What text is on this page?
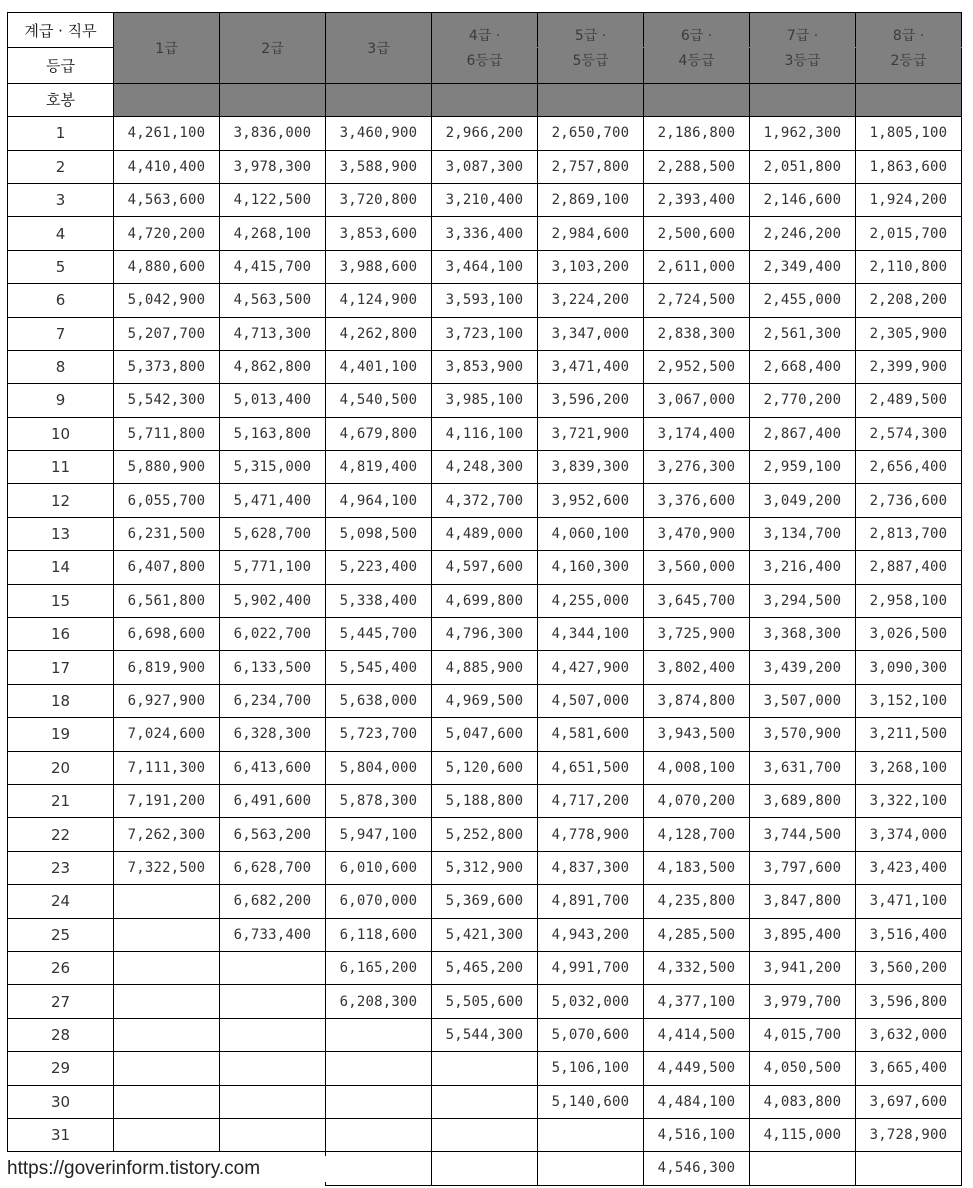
계급 · 직무	1급	2급	3급	4급 ·	5급 ·	6급 ·	7급 ·	8급 ·
등급				6등급	5등급	4등급	3등급	2등급
호봉								
1	4,261,100	3,836,000	3,460,900	2,966,200	2,650,700	2,186,800	1,962,300	1,805,100
2	4,410,400	3,978,300	3,588,900	3,087,300	2,757,800	2,288,500	2,051,800	1,863,600
3	4,563,600	4,122,500	3,720,800	3,210,400	2,869,100	2,393,400	2,146,600	1,924,200
4	4,720,200	4,268,100	3,853,600	3,336,400	2,984,600	2,500,600	2,246,200	2,015,700
5	4,880,600	4,415,700	3,988,600	3,464,100	3,103,200	2,611,000	2,349,400	2,110,800
6	5,042,900	4,563,500	4,124,900	3,593,100	3,224,200	2,724,500	2,455,000	2,208,200
7	5,207,700	4,713,300	4,262,800	3,723,100	3,347,000	2,838,300	2,561,300	2,305,900
8	5,373,800	4,862,800	4,401,100	3,853,900	3,471,400	2,952,500	2,668,400	2,399,900
9	5,542,300	5,013,400	4,540,500	3,985,100	3,596,200	3,067,000	2,770,200	2,489,500
10	5,711,800	5,163,800	4,679,800	4,116,100	3,721,900	3,174,400	2,867,400	2,574,300
11	5,880,900	5,315,000	4,819,400	4,248,300	3,839,300	3,276,300	2,959,100	2,656,400
12	6,055,700	5,471,400	4,964,100	4,372,700	3,952,600	3,376,600	3,049,200	2,736,600
13	6,231,500	5,628,700	5,098,500	4,489,000	4,060,100	3,470,900	3,134,700	2,813,700
14	6,407,800	5,771,100	5,223,400	4,597,600	4,160,300	3,560,000	3,216,400	2,887,400
15	6,561,800	5,902,400	5,338,400	4,699,800	4,255,000	3,645,700	3,294,500	2,958,100
16	6,698,600	6,022,700	5,445,700	4,796,300	4,344,100	3,725,900	3,368,300	3,026,500
17	6,819,900	6,133,500	5,545,400	4,885,900	4,427,900	3,802,400	3,439,200	3,090,300
18	6,927,900	6,234,700	5,638,000	4,969,500	4,507,000	3,874,800	3,507,000	3,152,100
19	7,024,600	6,328,300	5,723,700	5,047,600	4,581,600	3,943,500	3,570,900	3,211,500
20	7,111,300	6,413,600	5,804,000	5,120,600	4,651,500	4,008,100	3,631,700	3,268,100
21	7,191,200	6,491,600	5,878,300	5,188,800	4,717,200	4,070,200	3,689,800	3,322,100
22	7,262,300	6,563,200	5,947,100	5,252,800	4,778,900	4,128,700	3,744,500	3,374,000
23	7,322,500	6,628,700	6,010,600	5,312,900	4,837,300	4,183,500	3,797,600	3,423,400
24		6,682,200	6,070,000	5,369,600	4,891,700	4,235,800	3,847,800	3,471,100
25		6,733,400	6,118,600	5,421,300	4,943,200	4,285,500	3,895,400	3,516,400
26			6,165,200	5,465,200	4,991,700	4,332,500	3,941,200	3,560,200
27			6,208,300	5,505,600	5,032,000	4,377,100	3,979,700	3,596,800
28				5,544,300	5,070,600	4,414,500	4,015,700	3,632,000
29					5,106,100	4,449,500	4,050,500	3,665,400
30					5,140,600	4,484,100	4,083,800	3,697,600
31						4,516,100	4,115,000	3,728,900
						4,546,300		
https://goverinform.tistory.com
